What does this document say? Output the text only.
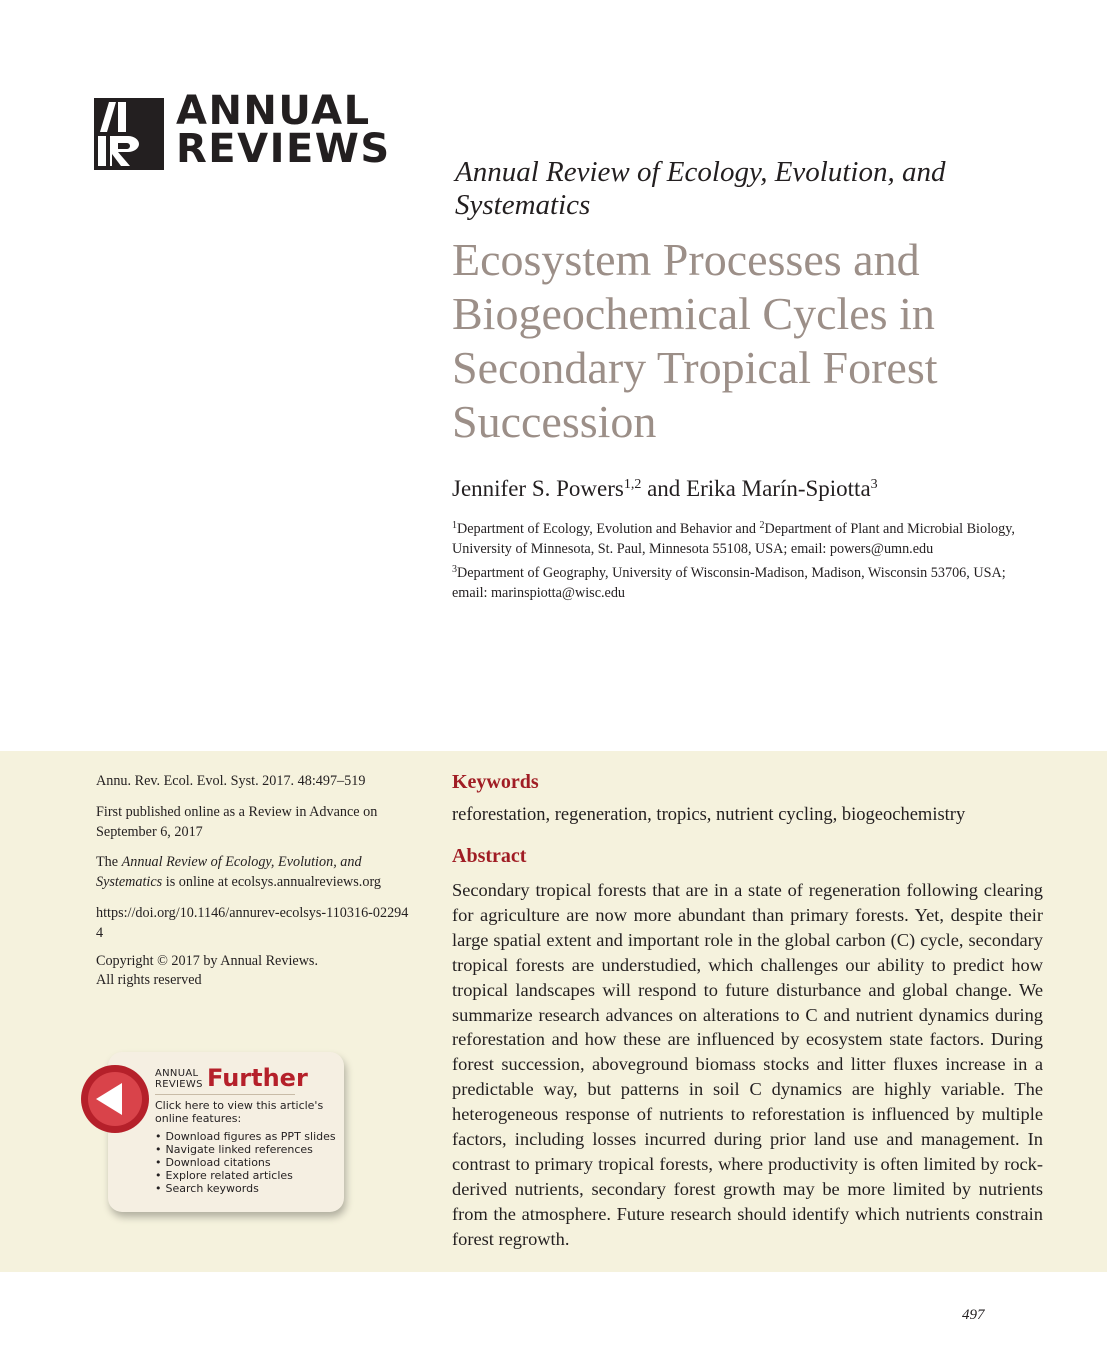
ANNUAL
REVIEWS Annual Review of Ecology, Evolution, and Systematics
Ecosystem Processes and Biogeochemical Cycles in Secondary Tropical Forest Succession
Jennifer S. Powers$^{1,2}$ and Erika Marín-Spiotta$^3$
$^1$Department of Ecology, Evolution and Behavior and $^2$Department of Plant and Microbial Biology, University of Minnesota, St. Paul, Minnesota 55108, USA; email: powers@umn.edu
$^3$Department of Geography, University of Wisconsin-Madison, Madison, Wisconsin 53706, USA; email: marinspiotta@wisc.edu
Annu. Rev. Ecol. Evol. Syst. 2017. 48:497–519
First published online as a Review in Advance on September 6, 2017
The Annual Review of Ecology, Evolution, and Systematics is online at ecolsys.annualreviews.org
https://doi.org/10.1146/annurev-ecolsys-110316-022944
Copyright © 2017 by Annual Reviews.
All rights reserved
Keywords
reforestation, regeneration, tropics, nutrient cycling, biogeochemistry
Abstract
Secondary tropical forests that are in a state of regeneration following clearing for agriculture are now more abundant than primary forests. Yet, despite their large spatial extent and important role in the global carbon (C) cycle, secondary tropical forests are understudied, which challenges our ability to predict how tropical landscapes will respond to future disturbance and global change. We summarize research advances on alterations to C and nutrient dynamics during reforestation and how these are influenced by ecosystem state factors. During forest succession, aboveground biomass stocks and litter fluxes increase in a predictable way, but patterns in soil C dynamics are highly variable. The heterogeneous response of nutrients to reforestation is influenced by multiple factors, including losses incurred during prior land use and management. In contrast to primary tropical forests, where productivity is often limited by rock-derived nutrients, secondary forest growth may be more limited by nutrients from the atmosphere. Future research should identify which nutrients constrain forest regrowth.
ANNUAL
REVIEWS Further
Click here to view this article's online features:
• Download figures as PPT slides
• Navigate linked references
• Download citations
• Explore related articles
• Search keywords
497
